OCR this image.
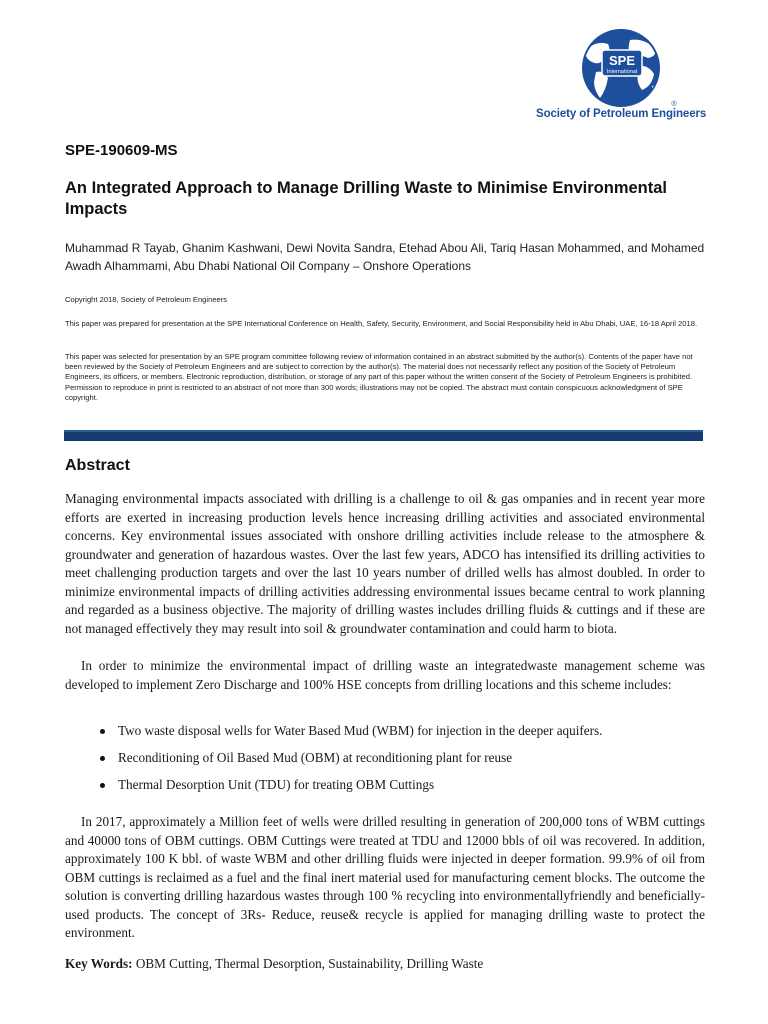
SPE
International
®
Society of Petroleum Engineers
SPE-190609-MS
An Integrated Approach to Manage Drilling Waste to Minimise Environmental Impacts
Muhammad R Tayab, Ghanim Kashwani, Dewi Novita Sandra, Etehad Abou Ali, Tariq Hasan Mohammed, and Mohamed Awadh Alhammami, Abu Dhabi National Oil Company – Onshore Operations
Copyright 2018, Society of Petroleum Engineers
This paper was prepared for presentation at the SPE International Conference on Health, Safety, Security, Environment, and Social Responsibility held in Abu Dhabi, UAE, 16-18 April 2018.
This paper was selected for presentation by an SPE program committee following review of information contained in an abstract submitted by the author(s). Contents of the paper have not been reviewed by the Society of Petroleum Engineers and are subject to correction by the author(s). The material does not necessarily reflect any position of the Society of Petroleum Engineers, its officers, or members. Electronic reproduction, distribution, or storage of any part of this paper without the written consent of the Society of Petroleum Engineers is prohibited. Permission to reproduce in print is restricted to an abstract of not more than 300 words; illustrations may not be copied. The abstract must contain conspicuous acknowledgment of SPE copyright.
Abstract
Managing environmental impacts associated with drilling is a challenge to oil & gas ompanies and in recent year more efforts are exerted in increasing production levels hence increasing drilling activities and associated environmental concerns. Key environmental issues associated with onshore drilling activities include release to the atmosphere & groundwater and generation of hazardous wastes. Over the last few years, ADCO has intensified its drilling activities to meet challenging production targets and over the last 10 years number of drilled wells has almost doubled. In order to minimize environmental impacts of drilling activities addressing environmental issues became central to work planning and regarded as a business objective. The majority of drilling wastes includes drilling fluids & cuttings and if these are not managed effectively they may result into soil & groundwater contamination and could harm to biota.
In order to minimize the environmental impact of drilling waste an integratedwaste management scheme was developed to implement Zero Discharge and 100% HSE concepts from drilling locations and this scheme includes:
Two waste disposal wells for Water Based Mud (WBM) for injection in the deeper aquifers.
Reconditioning of Oil Based Mud (OBM) at reconditioning plant for reuse
Thermal Desorption Unit (TDU) for treating OBM Cuttings
In 2017, approximately a Million feet of wells were drilled resulting in generation of 200,000 tons of WBM cuttings and 40000 tons of OBM cuttings. OBM Cuttings were treated at TDU and 12000 bbls of oil was recovered. In addition, approximately 100 K bbl. of waste WBM and other drilling fluids were injected in deeper formation. 99.9% of oil from OBM cuttings is reclaimed as a fuel and the final inert material used for manufacturing cement blocks. The outcome the solution is converting drilling hazardous wastes through 100 % recycling into environmentallyfriendly and beneficially-used products. The concept of 3Rs- Reduce, reuse& recycle is applied for managing drilling waste to protect the environment.
Key Words: OBM Cutting, Thermal Desorption, Sustainability, Drilling Waste
